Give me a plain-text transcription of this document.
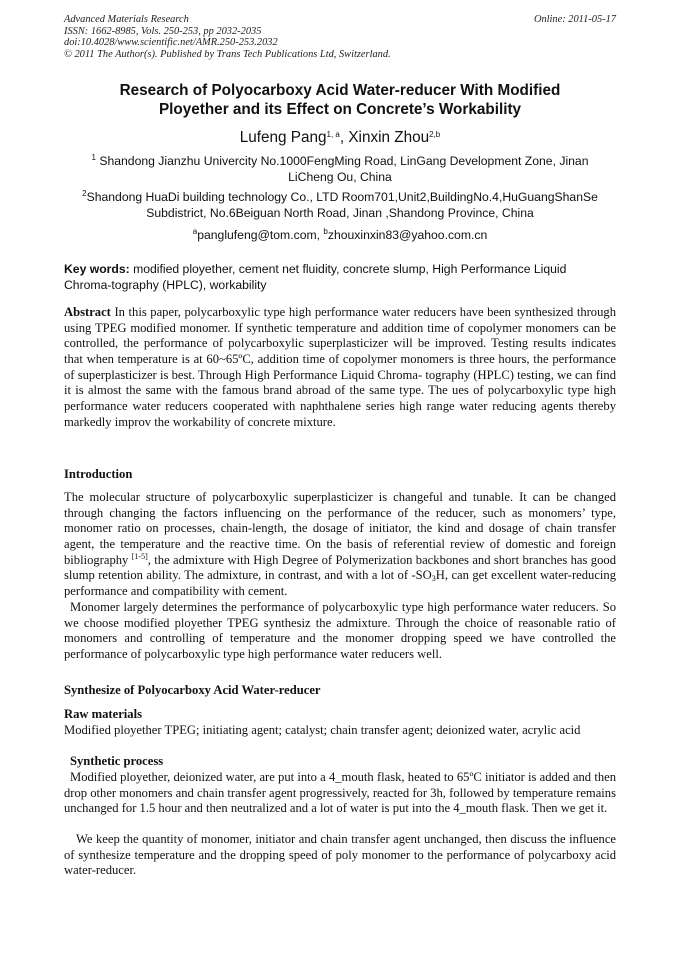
Advanced Materials Research	Online: 2011-05-17
ISSN: 1662-8985, Vols. 250-253, pp 2032-2035
doi:10.4028/www.scientific.net/AMR.250-253.2032
© 2011 The Author(s). Published by Trans Tech Publications Ltd, Switzerland.
Research of Polyocarboxy Acid Water-reducer With Modified
Ployether and its Effect on Concrete’s Workability
Lufeng Pang$^{1, a}$, Xinxin Zhou$^{2,b}$
$^1$ Shandong Jianzhu Univercity No.1000FengMing Road, LinGang Development Zone, Jinan
LiCheng Ou, China
$^2$Shandong HuaDi building technology Co., LTD Room701,Unit2,BuildingNo.4,HuGuangShanSe
Subdistrict, No.6Beiguan North Road, Jinan ,Shandong Province, China
$^a$panglufeng@tom.com, $^b$zhouxinxin83@yahoo.com.cn
Key words: modified ployether, cement net fluidity, concrete slump, High Performance Liquid Chroma-tography (HPLC), workability
Abstract In this paper, polycarboxylic type high performance water reducers have been synthesized through using TPEG modified monomer. If synthetic temperature and addition time of copolymer monomers can be controlled, the performance of polycarboxylic superplasticizer will be improved. Testing results indicates that when temperature is at 60~65ºC, addition time of copolymer monomers is three hours, the performance of superplasticizer is best. Through High Performance Liquid Chroma- tography (HPLC) testing, we can find it is almost the same with the famous brand abroad of the same type. The ues of polycarboxylic type high performance water reducers cooperated with naphthalene series high range water reducing agents thereby markedly improv the workability of concrete mixture.
Introduction
The molecular structure of polycarboxylic superplasticizer is changeful and tunable. It can be changed through changing the factors influencing on the performance of the reducer, such as monomers’ type, monomer ratio on processes, chain-length, the dosage of initiator, the kind and dosage of chain transfer agent, the temperature and the reactive time. On the basis of referential review of domestic and foreign bibliography [1-5], the admixture with High Degree of Polymerization backbones and short branches has good slump retention ability. The admixture, in contrast, and with a lot of $-SO_3H$, can get excellent water-reducing performance and compatibility with cement.
Monomer largely determines the performance of polycarboxylic type high performance water reducers. So we choose modified ployether TPEG synthesiz the admixture. Through the choice of reasonable ratio of monomers and controlling of temperature and the monomer dropping speed we have controlled the performance of polycarboxylic type high performance water reducers well.
Synthesize of Polyocarboxy Acid Water-reducer
Raw materials
Modified ployether TPEG; initiating agent; catalyst; chain transfer agent; deionized water, acrylic acid
Synthetic process
Modified ployether, deionized water, are put into a 4_mouth flask, heated to 65ºC initiator is added and then drop other monomers and chain transfer agent progressively, reacted for 3h, followed by temperature remains unchanged for 1.5 hour and then neutralized and a lot of water is put into the 4_mouth flask. Then we get it.
We keep the quantity of monomer, initiator and chain transfer agent unchanged, then discuss the influence of synthesize temperature and the dropping speed of poly monomer to the performance of polycarboxy acid water-reducer.
